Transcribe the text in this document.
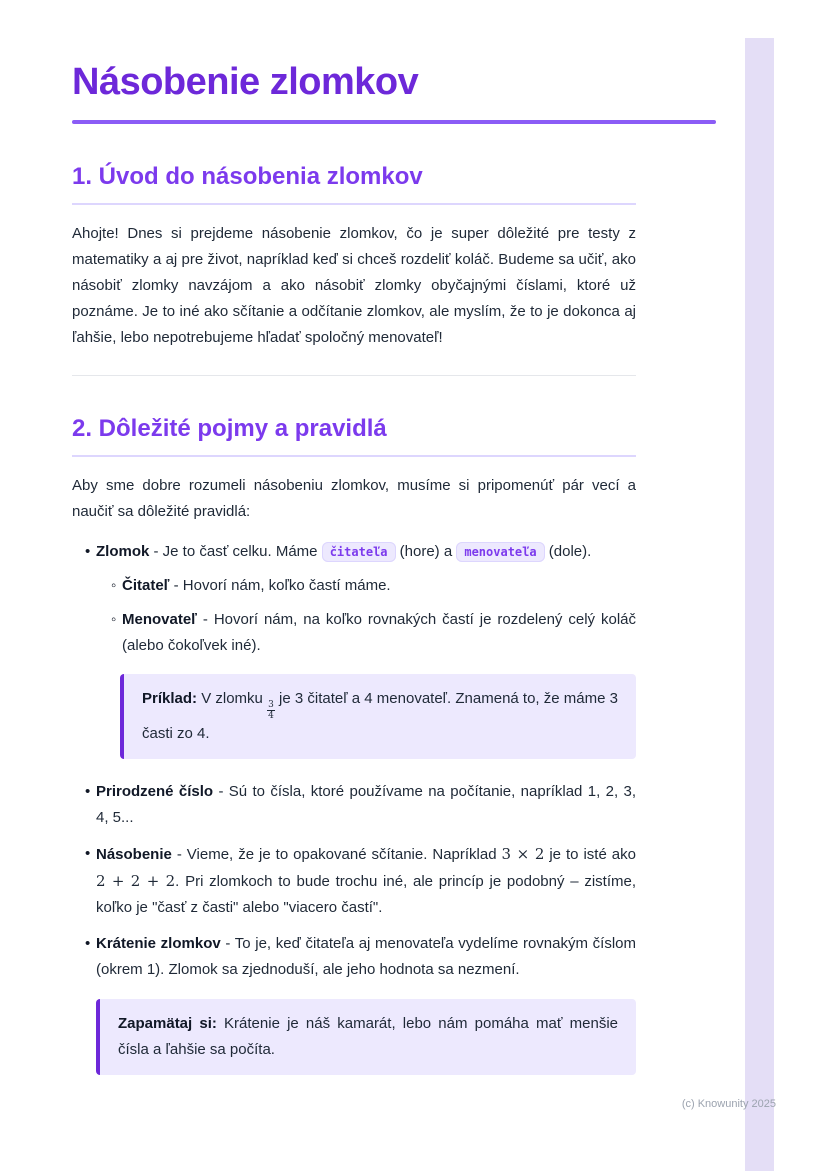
Násobenie zlomkov
1. Úvod do násobenia zlomkov

Ahojte! Dnes si prejdeme násobenie zlomkov, čo je super dôležité pre testy z matematiky a aj pre život, napríklad keď si chceš rozdeliť koláč. Budeme sa učiť, ako násobiť zlomky navzájom a ako násobiť zlomky obyčajnými číslami, ktoré už poznáme. Je to iné ako sčítanie a odčítanie zlomkov, ale myslím, že to je dokonca aj ľahšie, lebo nepotrebujeme hľadať spoločný menovateľ!

2. Dôležité pojmy a pravidlá

Aby sme dobre rozumeli násobeniu zlomkov, musíme si pripomenúť pár vecí a naučiť sa dôležité pravidlá:

• Zlomok - Je to časť celku. Máme čitateľa (hore) a menovateľa (dole).
◦ Čitateľ - Hovorí nám, koľko častí máme.
◦ Menovateľ - Hovorí nám, na koľko rovnakých častí je rozdelený celý koláč (alebo čokoľvek iné).
Príklad: V zlomku
$\frac{3}{4}$
je 3 čitateľ a 4 menovateľ. Znamená to, že máme 3 časti zo 4.
• Prirodzené číslo - Sú to čísla, ktoré používame na počítanie, napríklad 1, 2, 3, 4, 5...
• Násobenie - Vieme, že je to opakované sčítanie. Napríklad 3 × 2 je to isté ako 2 + 2 + 2. Pri zlomkoch to bude trochu iné, ale princíp je podobný – zistíme, koľko je "časť z časti" alebo "viacero častí".
• Krátenie zlomkov - To je, keď čitateľa aj menovateľa vydelíme rovnakým číslom (okrem 1). Zlomok sa zjednoduší, ale jeho hodnota sa nezmení.
Zapamätaj si: Krátenie je náš kamarát, lebo nám pomáha mať menšie čísla a ľahšie sa počíta.
(c) Knowunity 2025
